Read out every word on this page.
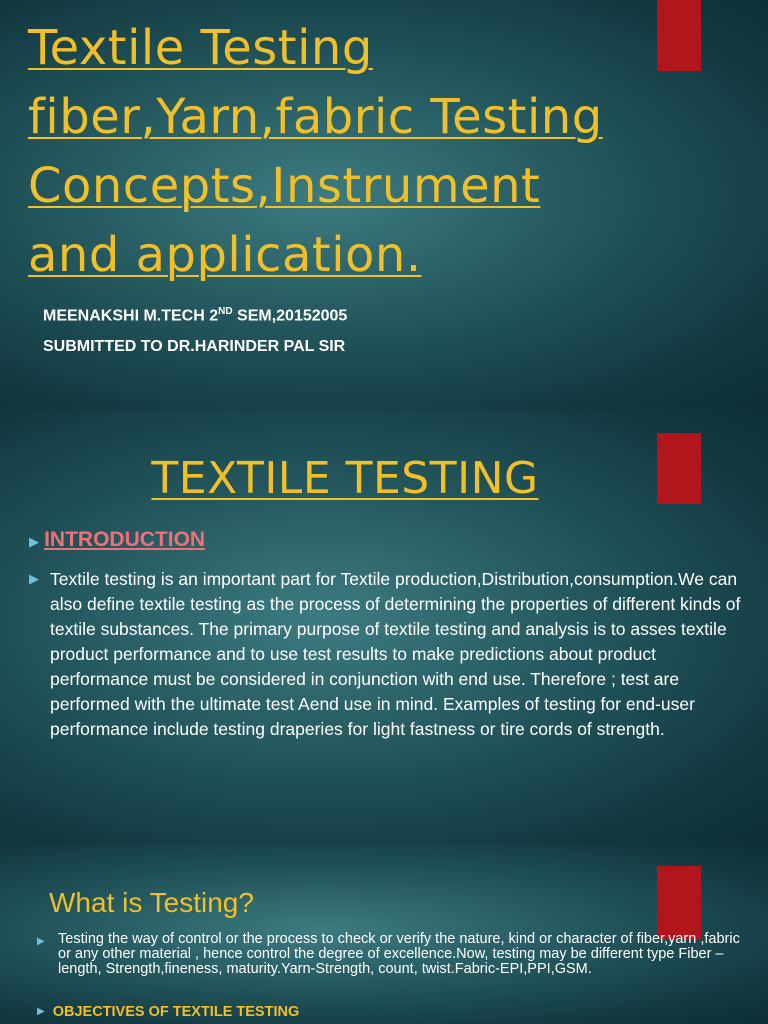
Textile Testing
fiber,Yarn,fabric Testing
Concepts,Instrument
and application.

MEENAKSHI M.TECH 2ND SEM,20152005

SUBMITTED TO DR.HARINDER PAL SIR

TEXTILE TESTING
▶ INTRODUCTION
▶ Textile testing is an important part for Textile production,Distribution,consumption.We can also define textile testing as the process of determining the properties of different kinds of textile substances. The primary purpose of textile testing and analysis is to asses textile product performance and to use test results to make predictions about product performance must be considered in conjunction with end use. Therefore ; test are performed with the ultimate test Aend use in mind. Examples of testing for end-user performance include testing draperies for light fastness or tire cords of strength.

What is Testing?
▶ Testing the way of control or the process to check or verify the nature, kind or character of fiber,yarn ,fabric or any other material , hence control the degree of excellence.Now, testing may be different type Fiber –length, Strength,fineness, maturity.Yarn-Strength, count, twist.Fabric-EPI,PPI,GSM.

▶ OBJECTIVES OF TEXTILE TESTING
